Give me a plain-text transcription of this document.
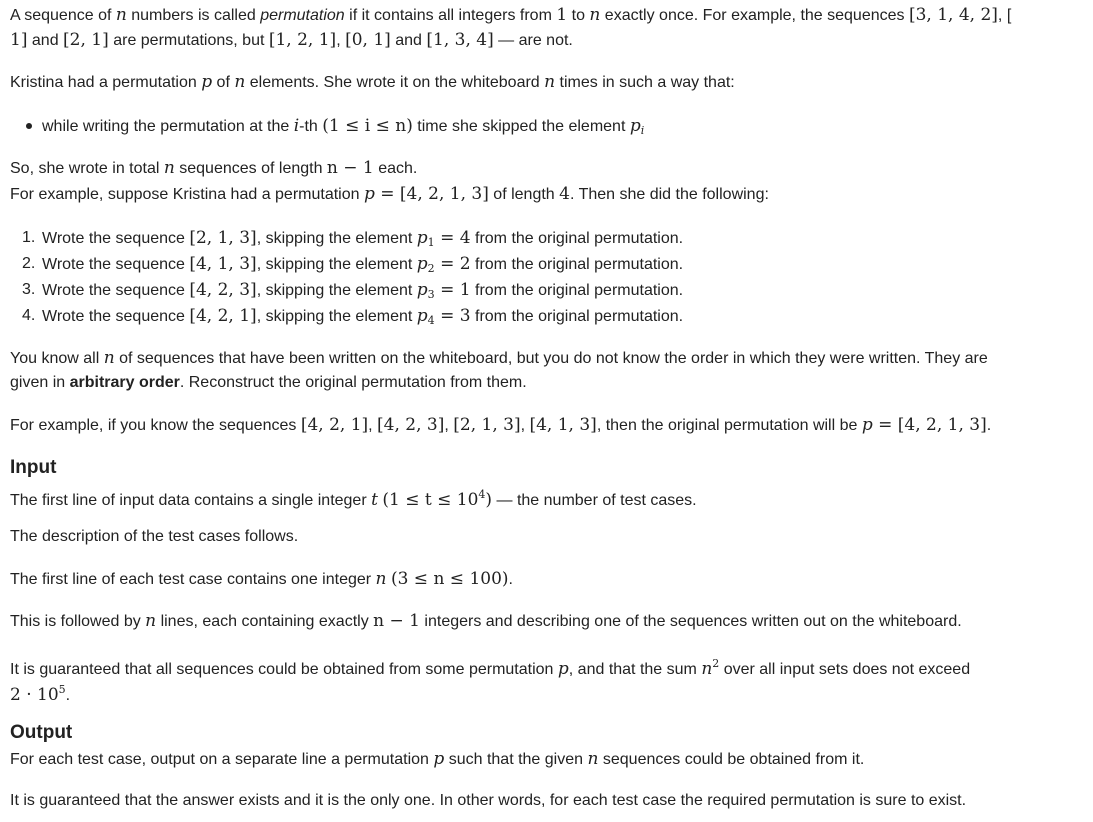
A sequence of n numbers is called permutation if it contains all integers from 1 to n exactly once. For example, the sequences [3, 1, 4, 2], [
1] and [2, 1] are permutations, but [1, 2, 1], [0, 1] and [1, 3, 4] — are not.
Kristina had a permutation p of n elements. She wrote it on the whiteboard n times in such a way that:
while writing the permutation at the i-th (1 ≤ i ≤ n) time she skipped the element $p_i$
So, she wrote in total n sequences of length n − 1 each.
For example, suppose Kristina had a permutation p = [4, 2, 1, 3] of length 4. Then she did the following:
1. Wrote the sequence [2, 1, 3], skipping the element $p_1 = 4$ from the original permutation.
2. Wrote the sequence [4, 1, 3], skipping the element $p_2 = 2$ from the original permutation.
3. Wrote the sequence [4, 2, 3], skipping the element $p_3 = 1$ from the original permutation.
4. Wrote the sequence [4, 2, 1], skipping the element $p_4 = 3$ from the original permutation.
You know all n of sequences that have been written on the whiteboard, but you do not know the order in which they were written. They are
given in arbitrary order. Reconstruct the original permutation from them.
For example, if you know the sequences [4, 2, 1], [4, 2, 3], [2, 1, 3], [4, 1, 3], then the original permutation will be p = [4, 2, 1, 3].
Input
The first line of input data contains a single integer t $(1 \le t \le 10^4)$ — the number of test cases.
The description of the test cases follows.
The first line of each test case contains one integer n (3 ≤ n ≤ 100).
This is followed by n lines, each containing exactly n − 1 integers and describing one of the sequences written out on the whiteboard.
It is guaranteed that all sequences could be obtained from some permutation p, and that the sum $n^2$ over all input sets does not exceed
$2 \cdot 10^5$.
Output
For each test case, output on a separate line a permutation p such that the given n sequences could be obtained from it.
It is guaranteed that the answer exists and it is the only one. In other words, for each test case the required permutation is sure to exist.
